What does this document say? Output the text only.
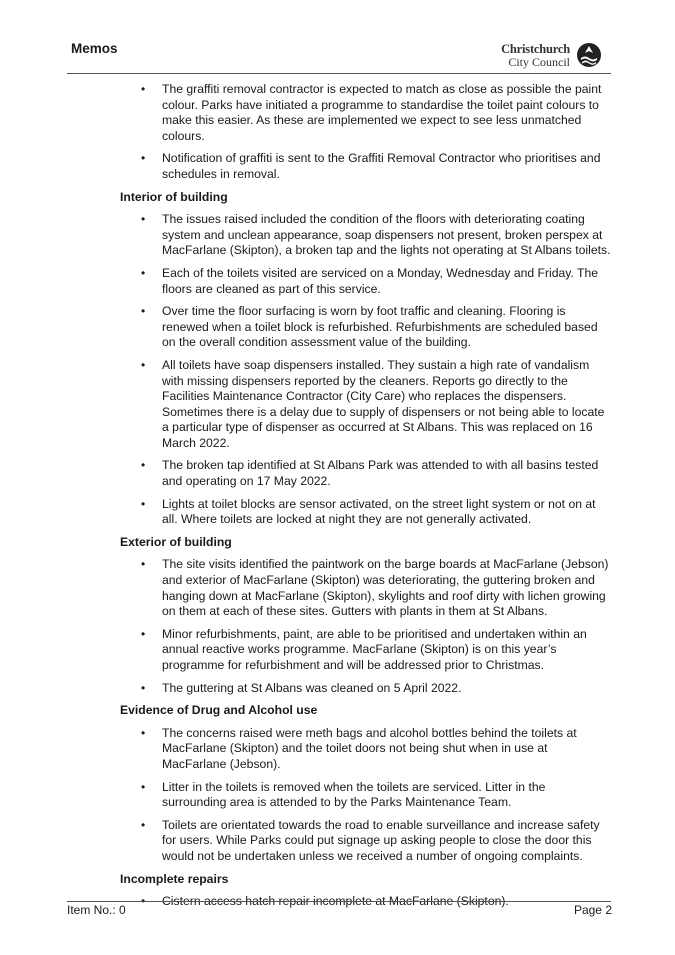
Memos	Christchurch
City Council
• The graffiti removal contractor is expected to match as close as possible the paint colour. Parks have initiated a programme to standardise the toilet paint colours to make this easier. As these are implemented we expect to see less unmatched colours.
• Notification of graffiti is sent to the Graffiti Removal Contractor who prioritises and schedules in removal.
Interior of building
• The issues raised included the condition of the floors with deteriorating coating system and unclean appearance, soap dispensers not present, broken perspex at MacFarlane (Skipton), a broken tap and the lights not operating at St Albans toilets.
• Each of the toilets visited are serviced on a Monday, Wednesday and Friday. The floors are cleaned as part of this service.
• Over time the floor surfacing is worn by foot traffic and cleaning. Flooring is renewed when a toilet block is refurbished. Refurbishments are scheduled based on the overall condition assessment value of the building.
• All toilets have soap dispensers installed. They sustain a high rate of vandalism with missing dispensers reported by the cleaners. Reports go directly to the Facilities Maintenance Contractor (City Care) who replaces the dispensers. Sometimes there is a delay due to supply of dispensers or not being able to locate a particular type of dispenser as occurred at St Albans. This was replaced on 16 March 2022.
• The broken tap identified at St Albans Park was attended to with all basins tested and operating on 17 May 2022.
• Lights at toilet blocks are sensor activated, on the street light system or not on at all. Where toilets are locked at night they are not generally activated.
Exterior of building
• The site visits identified the paintwork on the barge boards at MacFarlane (Jebson) and exterior of MacFarlane (Skipton) was deteriorating, the guttering broken and hanging down at MacFarlane (Skipton), skylights and roof dirty with lichen growing on them at each of these sites. Gutters with plants in them at St Albans.
• Minor refurbishments, paint, are able to be prioritised and undertaken within an annual reactive works programme. MacFarlane (Skipton) is on this year’s programme for refurbishment and will be addressed prior to Christmas.
• The guttering at St Albans was cleaned on 5 April 2022.
Evidence of Drug and Alcohol use
• The concerns raised were meth bags and alcohol bottles behind the toilets at MacFarlane (Skipton) and the toilet doors not being shut when in use at MacFarlane (Jebson).
• Litter in the toilets is removed when the toilets are serviced. Litter in the surrounding area is attended to by the Parks Maintenance Team.
• Toilets are orientated towards the road to enable surveillance and increase safety for users. While Parks could put signage up asking people to close the door this would not be undertaken unless we received a number of ongoing complaints.
Incomplete repairs
• Cistern access hatch repair incomplete at MacFarlane (Skipton).
Item No.: 0	Page 2
